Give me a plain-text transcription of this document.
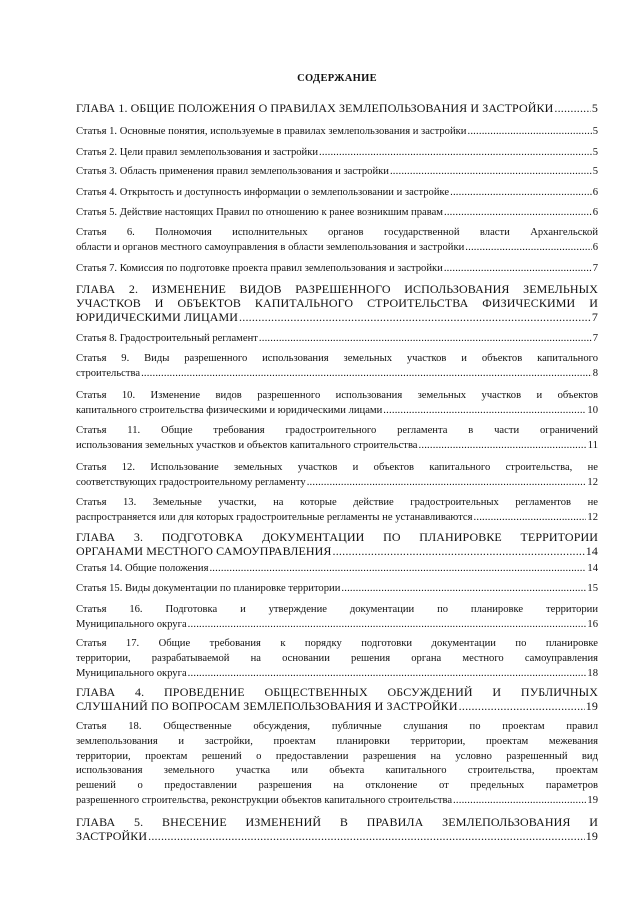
СОДЕРЖАНИЕ
ГЛАВА 1. ОБЩИЕ ПОЛОЖЕНИЯ О ПРАВИЛАХ ЗЕМЛЕПОЛЬЗОВАНИЯ И ЗАСТРОЙКИ .....	5
Статья 1. Основные понятия, используемые в правилах землепользования и застройки .....	5
Статья 2. Цели правил землепользования и застройки .....	5
Статья 3. Область применения правил землепользования и застройки .....	5
Статья 4. Открытость и доступность информации о землепользовании и застройке .....	6
Статья 5. Действие настоящих Правил по отношению к ранее возникшим правам .....	6
Статья 6. Полномочия исполнительных органов государственной власти Архангельской
области и органов местного самоуправления в области землепользования и застройки .....	6
Статья 7. Комиссия по подготовке проекта правил землепользования и застройки .....	7
ГЛАВА 2. ИЗМЕНЕНИЕ ВИДОВ РАЗРЕШЕННОГО ИСПОЛЬЗОВАНИЯ ЗЕМЕЛЬНЫХ
УЧАСТКОВ И ОБЪЕКТОВ КАПИТАЛЬНОГО СТРОИТЕЛЬСТВА ФИЗИЧЕСКИМИ И
ЮРИДИЧЕСКИМИ ЛИЦАМИ .....	7
Статья 8. Градостроительный регламент .....	7
Статья 9. Виды разрешенного использования земельных участков и объектов капитального
строительства .....	8
Статья 10. Изменение видов разрешенного использования земельных участков и объектов
капитального строительства физическими и юридическими лицами .....	10
Статья 11. Общие требования градостроительного регламента в части ограничений
использования земельных участков и объектов капитального строительства .....	11
Статья 12. Использование земельных участков и объектов капитального строительства, не
соответствующих градостроительному регламенту .....	12
Статья 13. Земельные участки, на которые действие градостроительных регламентов не
распространяется или для которых градостроительные регламенты не устанавливаются .....	12
ГЛАВА 3. ПОДГОТОВКА ДОКУМЕНТАЦИИ ПО ПЛАНИРОВКЕ ТЕРРИТОРИИ
ОРГАНАМИ МЕСТНОГО САМОУПРАВЛЕНИЯ .....	14
Статья 14. Общие положения .....	14
Статья 15. Виды документации по планировке территории .....	15
Статья 16. Подготовка и утверждение документации по планировке территории
Муниципального округа .....	16
Статья 17. Общие требования к порядку подготовки документации по планировке
территории, разрабатываемой на основании решения органа местного самоуправления
Муниципального округа .....	18
ГЛАВА 4. ПРОВЕДЕНИЕ ОБЩЕСТВЕННЫХ ОБСУЖДЕНИЙ И ПУБЛИЧНЫХ
СЛУШАНИЙ ПО ВОПРОСАМ ЗЕМЛЕПОЛЬЗОВАНИЯ И ЗАСТРОЙКИ .....	19
Статья 18. Общественные обсуждения, публичные слушания по проектам правил
землепользования и застройки, проектам планировки территории, проектам межевания
территории, проектам решений о предоставлении разрешения на условно разрешенный вид
использования земельного участка или объекта капитального строительства, проектам
решений о предоставлении разрешения на отклонение от предельных параметров
разрешенного строительства, реконструкции объектов капитального строительства .....	19
ГЛАВА 5. ВНЕСЕНИЕ ИЗМЕНЕНИЙ В ПРАВИЛА ЗЕМЛЕПОЛЬЗОВАНИЯ И
ЗАСТРОЙКИ .....	19
